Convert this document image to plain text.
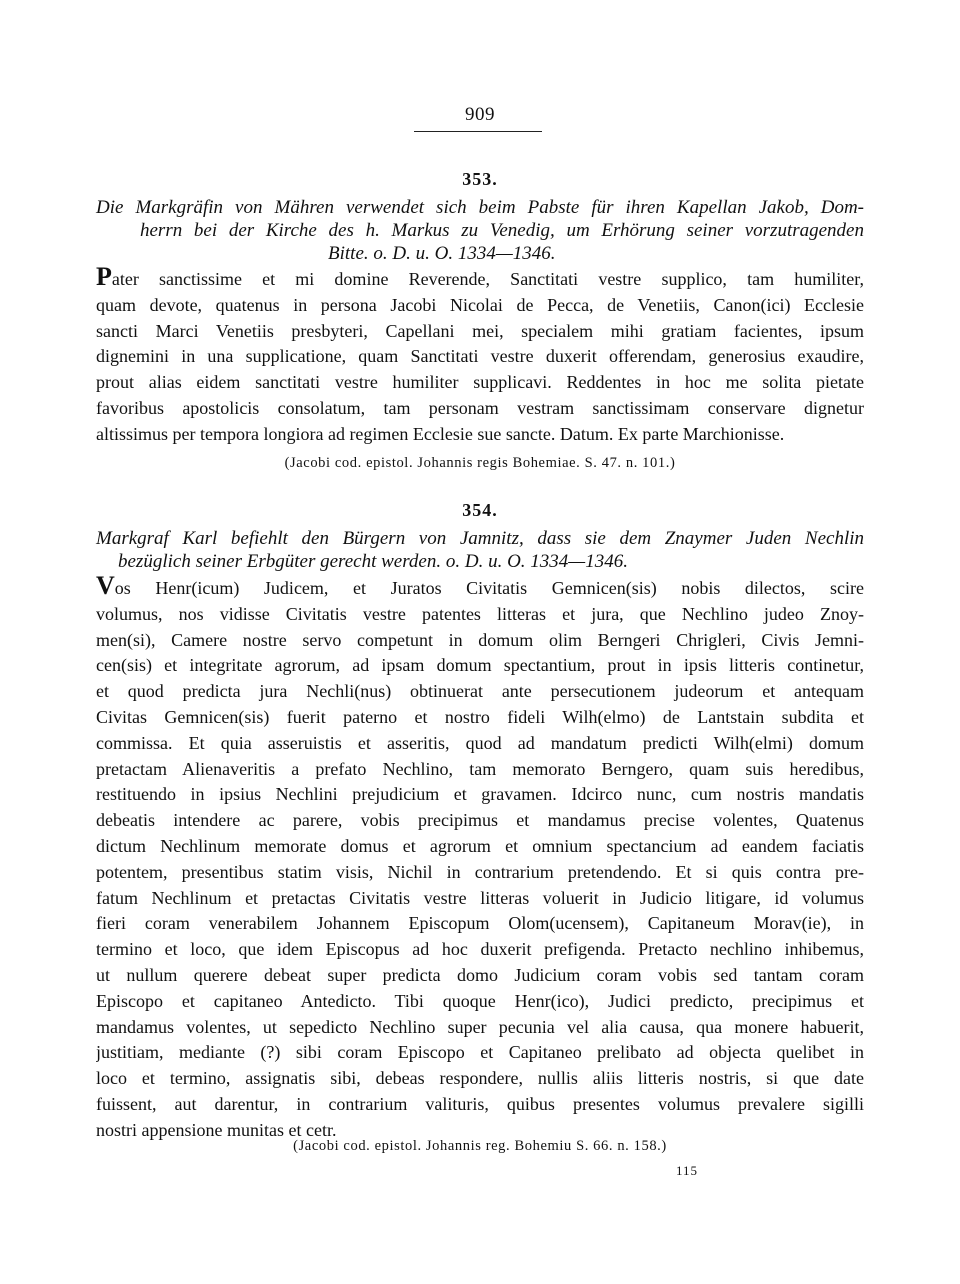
909
353.
Die Markgräfin von Mähren verwendet sich beim Pabste für ihren Kapellan Jakob, Dom-
herrn bei der Kirche des h. Markus zu Venedig, um Erhörung seiner vorzutragenden
Bitte. o. D. u. O. 1334—1346.
Pater sanctissime et mi domine Reverende, Sanctitati vestre supplico, tam humiliter,
quam devote, quatenus in persona Jacobi Nicolai de Pecca, de Venetiis, Canon(ici) Ecclesie
sancti Marci Venetiis presbyteri, Capellani mei, specialem mihi gratiam facientes, ipsum
dignemini in una supplicatione, quam Sanctitati vestre duxerit offerendam, generosius exaudire,
prout alias eidem sanctitati vestre humiliter supplicavi. Reddentes in hoc me solita pietate
favoribus apostolicis consolatum, tam personam vestram sanctissimam conservare dignetur
altissimus per tempora longiora ad regimen Ecclesie sue sancte. Datum. Ex parte Marchionisse.
(Jacobi cod. epistol. Johannis regis Bohemiae. S. 47. n. 101.)
354.
Markgraf Karl befiehlt den Bürgern von Jamnitz, dass sie dem Znaymer Juden Nechlin
bezüglich seiner Erbgüter gerecht werden. o. D. u. O. 1334—1346.
Vos Henr(icum) Judicem, et Juratos Civitatis Gemnicen(sis) nobis dilectos, scire
volumus, nos vidisse Civitatis vestre patentes litteras et jura, que Nechlino judeo Znoy-
men(si), Camere nostre servo competunt in domum olim Berngeri Chrigleri, Civis Jemni-
cen(sis) et integritate agrorum, ad ipsam domum spectantium, prout in ipsis litteris continetur,
et quod predicta jura Nechli(nus) obtinuerat ante persecutionem judeorum et antequam
Civitas Gemnicen(sis) fuerit paterno et nostro fideli Wilh(elmo) de Lantstain subdita et
commissa. Et quia asseruistis et asseritis, quod ad mandatum predicti Wilh(elmi) domum
pretactam Alienaveritis a prefato Nechlino, tam memorato Berngero, quam suis heredibus,
restituendo in ipsius Nechlini prejudicium et gravamen. Idcirco nunc, cum nostris mandatis
debeatis intendere ac parere, vobis precipimus et mandamus precise volentes, Quatenus
dictum Nechlinum memorate domus et agrorum et omnium spectancium ad eandem faciatis
potentem, presentibus statim visis, Nichil in contrarium pretendendo. Et si quis contra pre-
fatum Nechlinum et pretactas Civitatis vestre litteras voluerit in Judicio litigare, id volumus
fieri coram venerabilem Johannem Episcopum Olom(ucensem), Capitaneum Morav(ie), in
termino et loco, que idem Episcopus ad hoc duxerit prefigenda. Pretacto nechlino inhibemus,
ut nullum querere debeat super predicta domo Judicium coram vobis sed tantam coram
Episcopo et capitaneo Antedicto. Tibi quoque Henr(ico), Judici predicto, precipimus et
mandamus volentes, ut sepedicto Nechlino super pecunia vel alia causa, qua monere habuerit,
justitiam, mediante (?) sibi coram Episcopo et Capitaneo prelibato ad objecta quelibet in
loco et termino, assignatis sibi, debeas respondere, nullis aliis litteris nostris, si que date
fuissent, aut darentur, in contrarium valituris, quibus presentes volumus prevalere sigilli
nostri appensione munitas et cetr.
(Jacobi cod. epistol. Johannis reg. Bohemiu S. 66. n. 158.)
115
